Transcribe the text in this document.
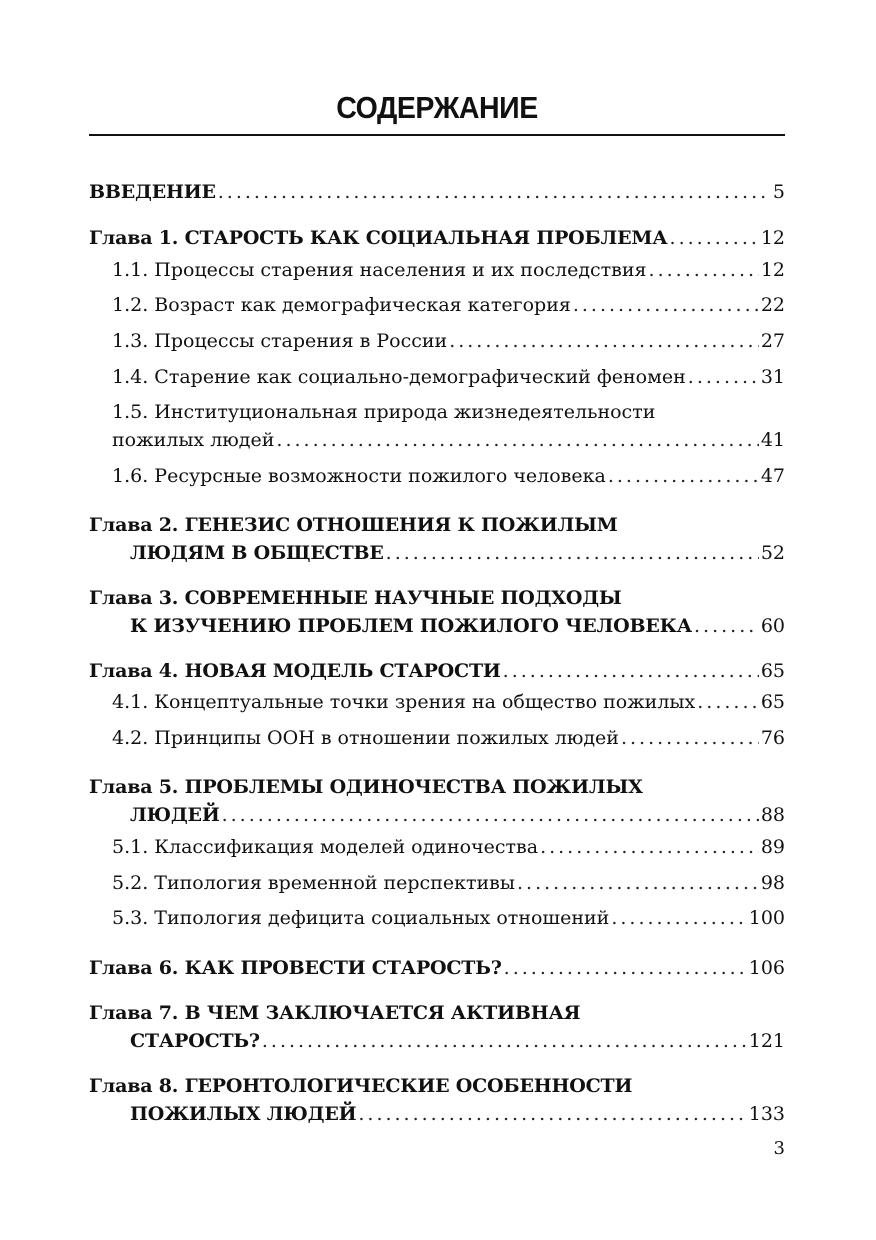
СОДЕРЖАНИЕ
ВВЕДЕНИЕ .....	5
Глава 1. СТАРОСТЬ КАК СОЦИАЛЬНАЯ ПРОБЛЕМА .....	12
1.1. Процессы старения населения и их последствия .....	12
1.2. Возраст как демографическая категория .....	22
1.3. Процессы старения в России .....	27
1.4. Старение как социально-демографический феномен .....	31
1.5. Институциональная природа жизнедеятельности
пожилых людей .....	41
1.6. Ресурсные возможности пожилого человека .....	47
Глава 2. ГЕНЕЗИС ОТНОШЕНИЯ К ПОЖИЛЫМ
ЛЮДЯМ В ОБЩЕСТВЕ .....	52
Глава 3. СОВРЕМЕННЫЕ НАУЧНЫЕ ПОДХОДЫ
К ИЗУЧЕНИЮ ПРОБЛЕМ ПОЖИЛОГО ЧЕЛОВЕКА .....	60
Глава 4. НОВАЯ МОДЕЛЬ СТАРОСТИ .....	65
4.1. Концептуальные точки зрения на общество пожилых .....	65
4.2. Принципы ООН в отношении пожилых людей .....	76
Глава 5. ПРОБЛЕМЫ ОДИНОЧЕСТВА ПОЖИЛЫХ
ЛЮДЕЙ .....	88
5.1. Классификация моделей одиночества .....	89
5.2. Типология временной перспективы .....	98
5.3. Типология дефицита социальных отношений .....	100
Глава 6. КАК ПРОВЕСТИ СТАРОСТЬ? .....	106
Глава 7. В ЧЕМ ЗАКЛЮЧАЕТСЯ АКТИВНАЯ
СТАРОСТЬ? .....	121
Глава 8. ГЕРОНТОЛОГИЧЕСКИЕ ОСОБЕННОСТИ
ПОЖИЛЫХ ЛЮДЕЙ .....	133
3
